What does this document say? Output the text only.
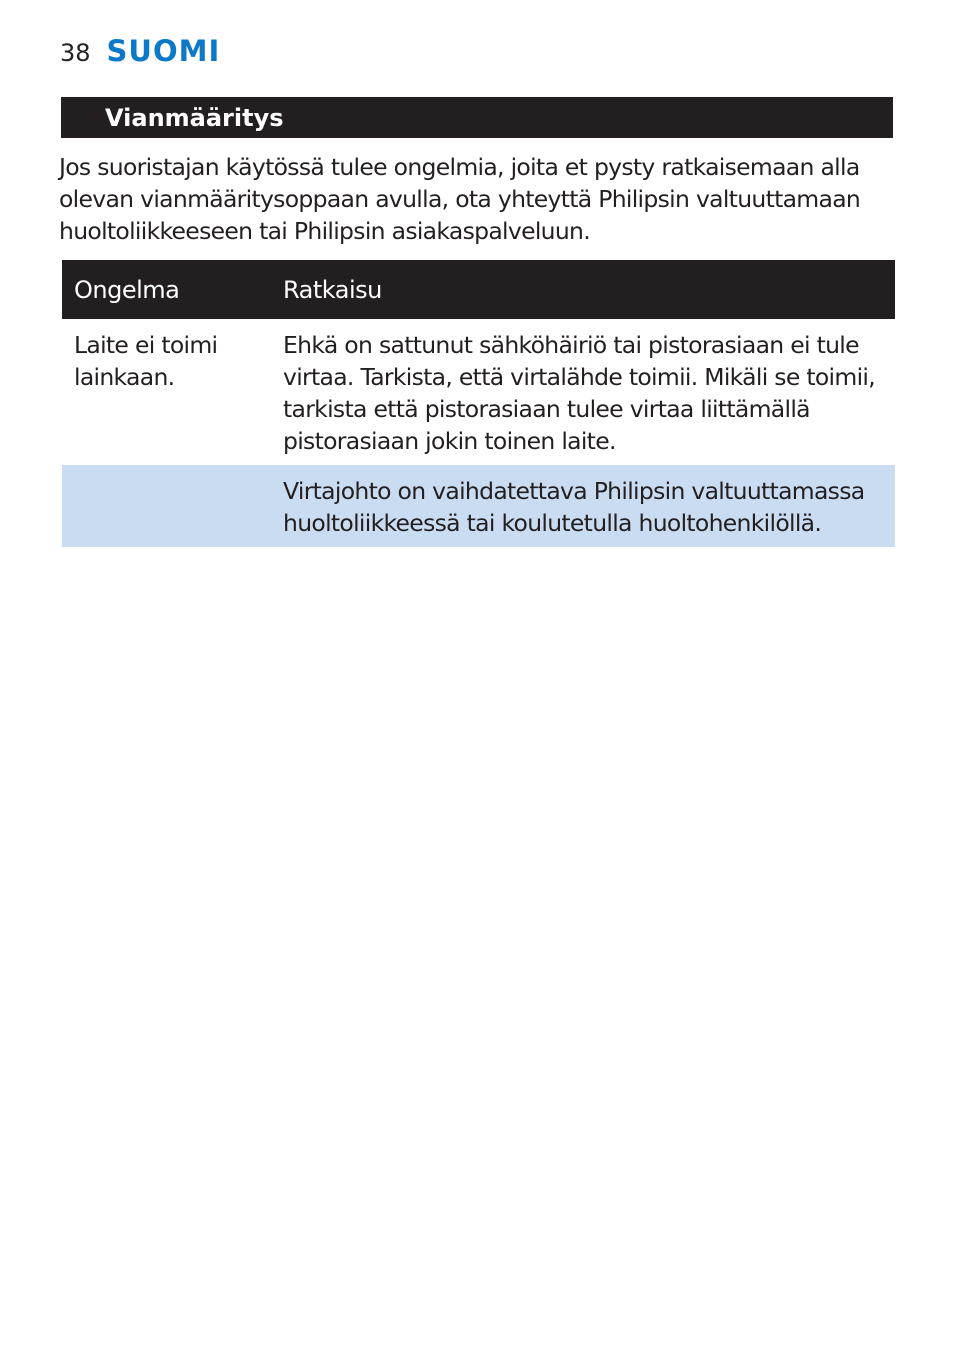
38 SUOMI
Vianmääritys

Jos suoristajan käytössä tulee ongelmia, joita et pysty ratkaisemaan alla olevan vianmääritysoppaan avulla, ota yhteyttä Philipsin valtuuttamaan huoltoliikkeeseen tai Philipsin asiakaspalveluun.

Ongelma	Ratkaisu
Laite ei toimi lainkaan.	Ehkä on sattunut sähköhäiriö tai pistorasiaan ei tule virtaa. Tarkista, että virtalähde toimii. Mikäli se toimii, tarkista että pistorasiaan tulee virtaa liittämällä pistorasiaan jokin toinen laite.
	Virtajohto on vaihdatettava Philipsin valtuuttamassa huoltoliikkeessä tai koulutetulla huoltohenkilöllä.
